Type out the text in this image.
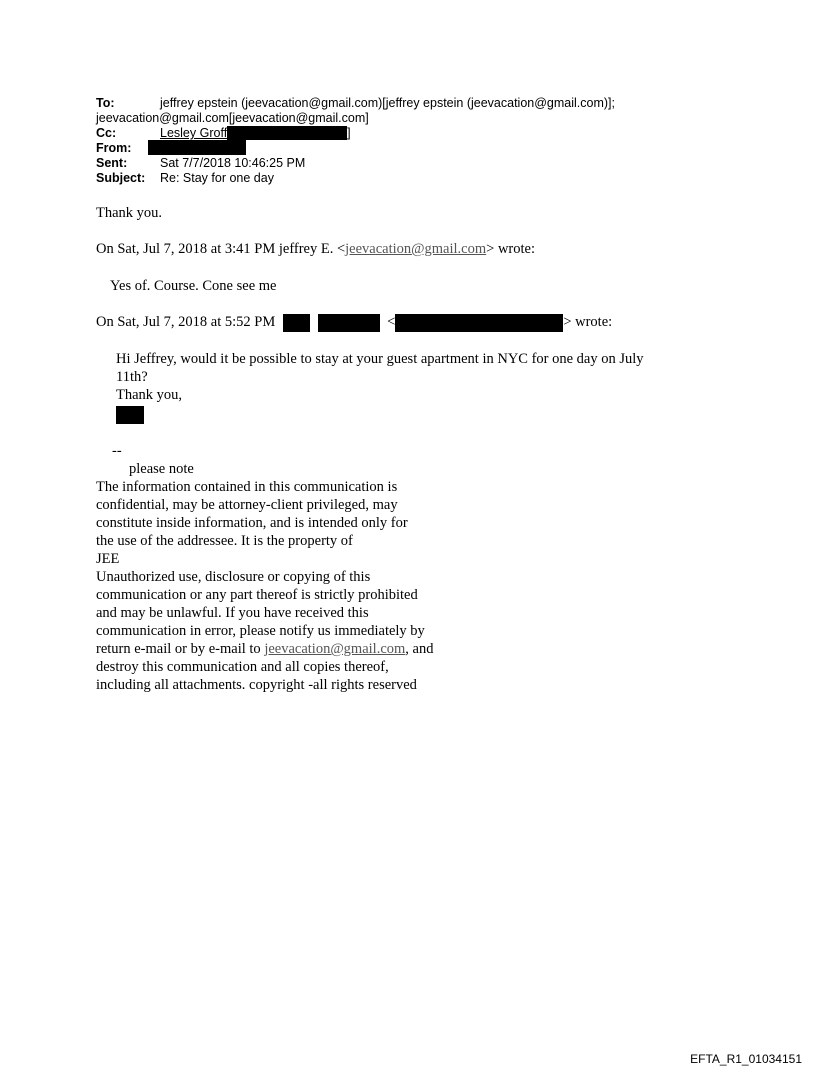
To:	jeffrey epstein (jeevacation@gmail.com)[jeffrey epstein (jeevacation@gmail.com)];
jeevacation@gmail.com[jeevacation@gmail.com]
Cc:	Lesley Groff	]
From:
Sent:	Sat 7/7/2018 10:46:25 PM
Subject: Re: Stay for one day
Thank you.
On Sat, Jul 7, 2018 at 3:41 PM jeffrey E. <jeevacation@gmail.com> wrote:
Yes of. Course. Cone see me
On Sat, Jul 7, 2018 at 5:52 PM	<	> wrote:
Hi Jeffrey, would it be possible to stay at your guest apartment in NYC for one day on July
11th?
Thank you,
--
please note
The information contained in this communication is
confidential, may be attorney-client privileged, may
constitute inside information, and is intended only for
the use of the addressee. It is the property of
JEE
Unauthorized use, disclosure or copying of this
communication or any part thereof is strictly prohibited
and may be unlawful. If you have received this
communication in error, please notify us immediately by
return e-mail or by e-mail to jeevacation@gmail.com, and
destroy this communication and all copies thereof,
including all attachments. copyright -all rights reserved
EFTA_R1_01034151
